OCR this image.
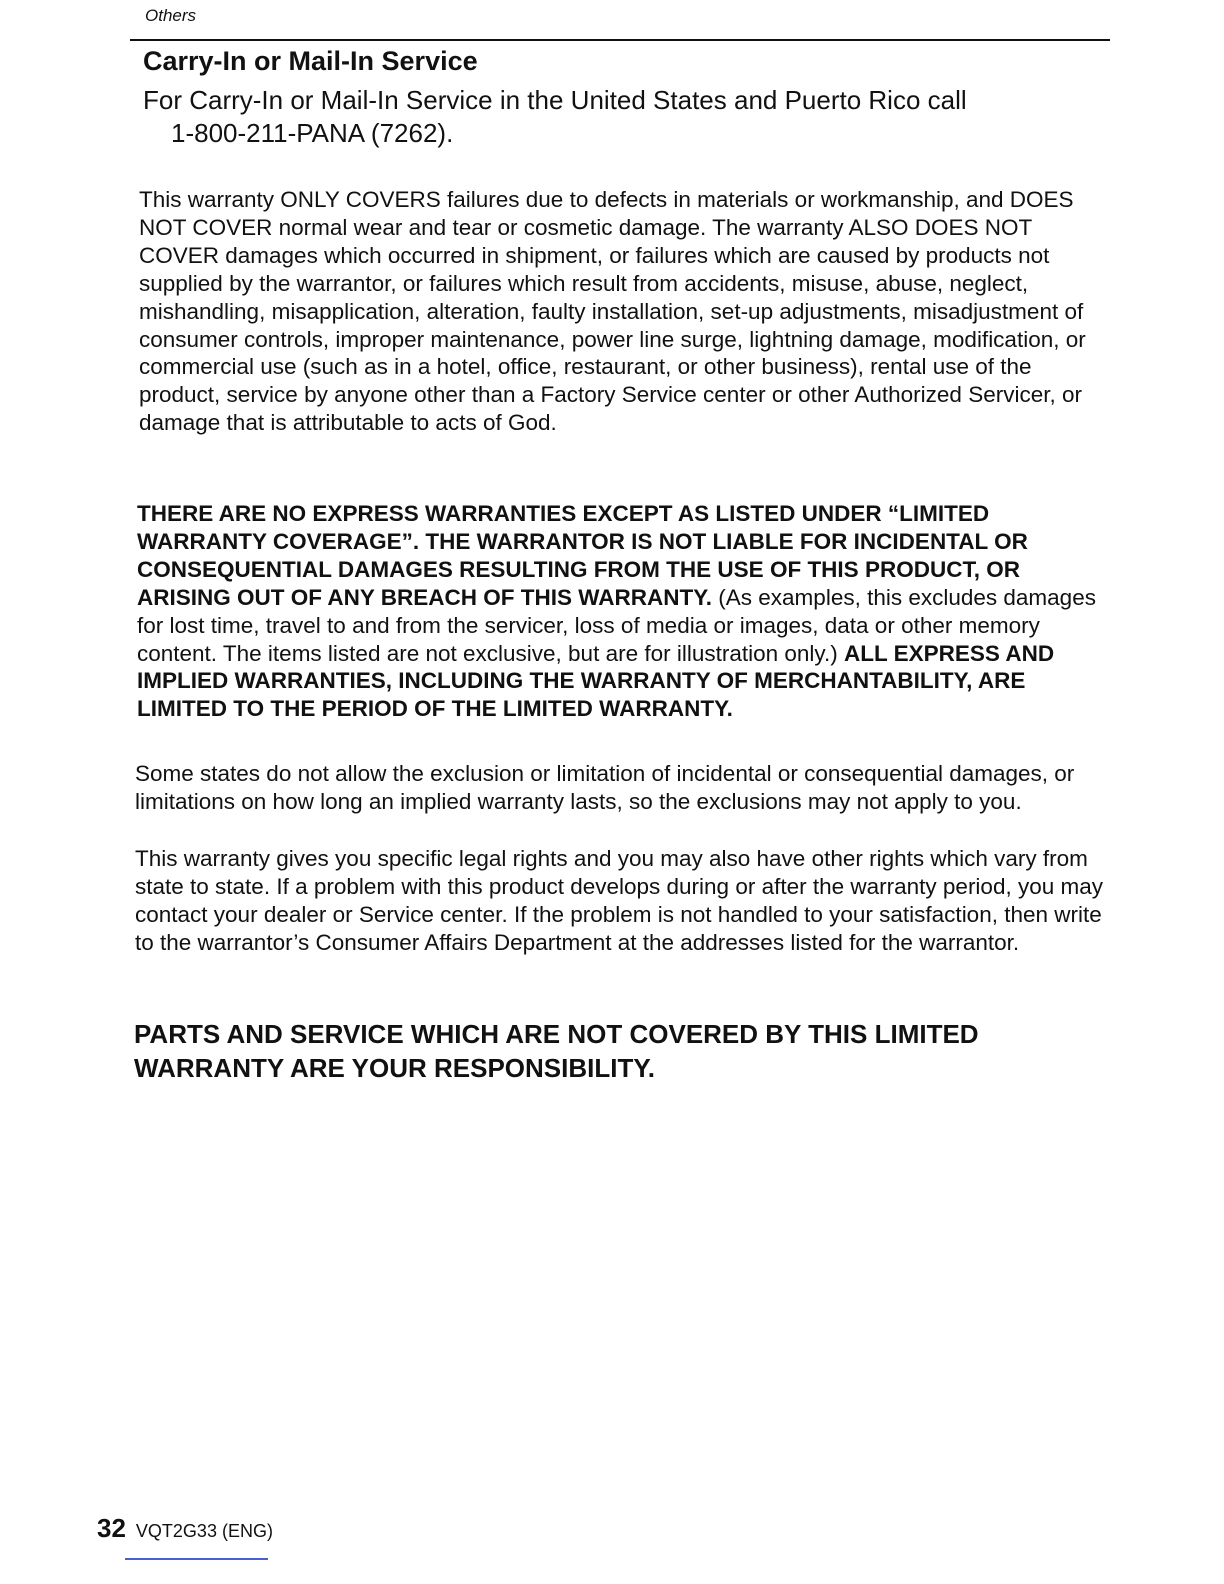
Others
Carry-In or Mail-In Service
For Carry-In or Mail-In Service in the United States and Puerto Rico call
1-800-211-PANA (7262).
This warranty ONLY COVERS failures due to defects in materials or workmanship, and DOES NOT COVER normal wear and tear or cosmetic damage. The warranty ALSO DOES NOT COVER damages which occurred in shipment, or failures which are caused by products not supplied by the warrantor, or failures which result from accidents, misuse, abuse, neglect, mishandling, misapplication, alteration, faulty installation, set-up adjustments, misadjustment of consumer controls, improper maintenance, power line surge, lightning damage, modification, or commercial use (such as in a hotel, office, restaurant, or other business), rental use of the product, service by anyone other than a Factory Service center or other Authorized Servicer, or damage that is attributable to acts of God.
THERE ARE NO EXPRESS WARRANTIES EXCEPT AS LISTED UNDER “LIMITED WARRANTY COVERAGE”. THE WARRANTOR IS NOT LIABLE FOR INCIDENTAL OR CONSEQUENTIAL DAMAGES RESULTING FROM THE USE OF THIS PRODUCT, OR ARISING OUT OF ANY BREACH OF THIS WARRANTY. (As examples, this excludes damages for lost time, travel to and from the servicer, loss of media or images, data or other memory content. The items listed are not exclusive, but are for illustration only.) ALL EXPRESS AND IMPLIED WARRANTIES, INCLUDING THE WARRANTY OF MERCHANTABILITY, ARE LIMITED TO THE PERIOD OF THE LIMITED WARRANTY.
Some states do not allow the exclusion or limitation of incidental or consequential damages, or limitations on how long an implied warranty lasts, so the exclusions may not apply to you.
This warranty gives you specific legal rights and you may also have other rights which vary from state to state. If a problem with this product develops during or after the warranty period, you may contact your dealer or Service center. If the problem is not handled to your satisfaction, then write to the warrantor’s Consumer Affairs Department at the addresses listed for the warrantor.
PARTS AND SERVICE WHICH ARE NOT COVERED BY THIS LIMITED WARRANTY ARE YOUR RESPONSIBILITY.
32 VQT2G33 (ENG)
